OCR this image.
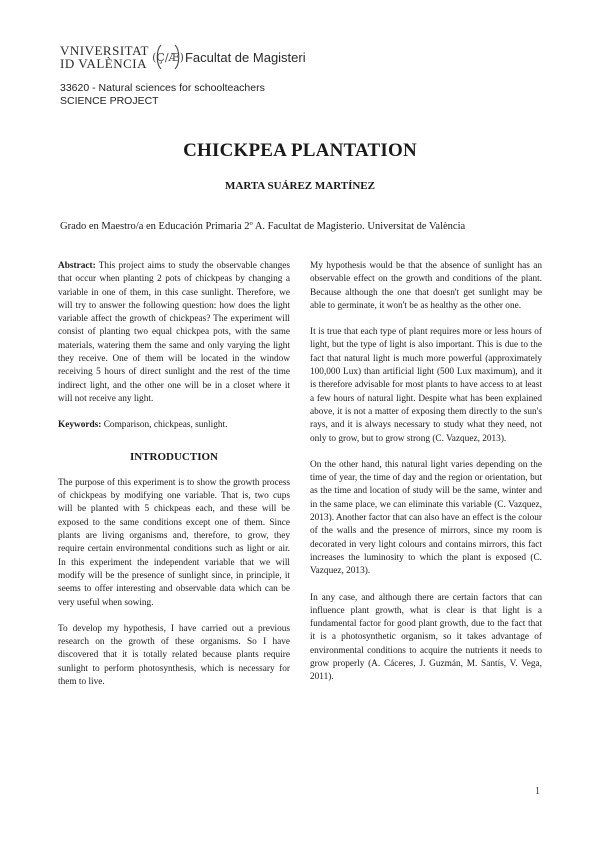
VNIVERSITAT
ID VALÈNCIA (Ç/Æ) Facultat de Magisteri
33620 - Natural sciences for schoolteachers
SCIENCE PROJECT
CHICKPEA PLANTATION
MARTA SUÁREZ MARTÍNEZ
Grado en Maestro/a en Educación Primaria 2º A. Facultat de Magisterio. Universitat de València

Abstract: This project aims to study the observable changes that occur when planting 2 pots of chickpeas by changing a variable in one of them, in this case sunlight. Therefore, we will try to answer the following question: how does the light variable affect the growth of chickpeas? The experiment will consist of planting two equal chickpea pots, with the same materials, watering them the same and only varying the light they receive. One of them will be located in the window receiving 5 hours of direct sunlight and the rest of the time indirect light, and the other one will be in a closet where it will not receive any light.

Keywords: Comparison, chickpeas, sunlight.

INTRODUCTION

The purpose of this experiment is to show the growth process of chickpeas by modifying one variable. That is, two cups will be planted with 5 chickpeas each, and these will be exposed to the same conditions except one of them. Since plants are living organisms and, therefore, to grow, they require certain environmental conditions such as light or air. In this experiment the independent variable that we will modify will be the presence of sunlight since, in principle, it seems to offer interesting and observable data which can be very useful when sowing.

To develop my hypothesis, I have carried out a previous research on the growth of these organisms. So I have discovered that it is totally related because plants require sunlight to perform photosynthesis, which is necessary for them to live.

My hypothesis would be that the absence of sunlight has an observable effect on the growth and conditions of the plant. Because although the one that doesn't get sunlight may be able to germinate, it won't be as healthy as the other one.

It is true that each type of plant requires more or less hours of light, but the type of light is also important. This is due to the fact that natural light is much more powerful (approximately 100,000 Lux) than artificial light (500 Lux maximum), and it is therefore advisable for most plants to have access to at least a few hours of natural light. Despite what has been explained above, it is not a matter of exposing them directly to the sun's rays, and it is always necessary to study what they need, not only to grow, but to grow strong (C. Vazquez, 2013).

On the other hand, this natural light varies depending on the time of year, the time of day and the region or orientation, but as the time and location of study will be the same, winter and in the same place, we can eliminate this variable (C. Vazquez, 2013). Another factor that can also have an effect is the colour of the walls and the presence of mirrors, since my room is decorated in very light colours and contains mirrors, this fact increases the luminosity to which the plant is exposed (C. Vazquez, 2013).

In any case, and although there are certain factors that can influence plant growth, what is clear is that light is a fundamental factor for good plant growth, due to the fact that it is a photosynthetic organism, so it takes advantage of environmental conditions to acquire the nutrients it needs to grow properly (A. Cáceres, J. Guzmán, M. Santís, V. Vega, 2011).

1
